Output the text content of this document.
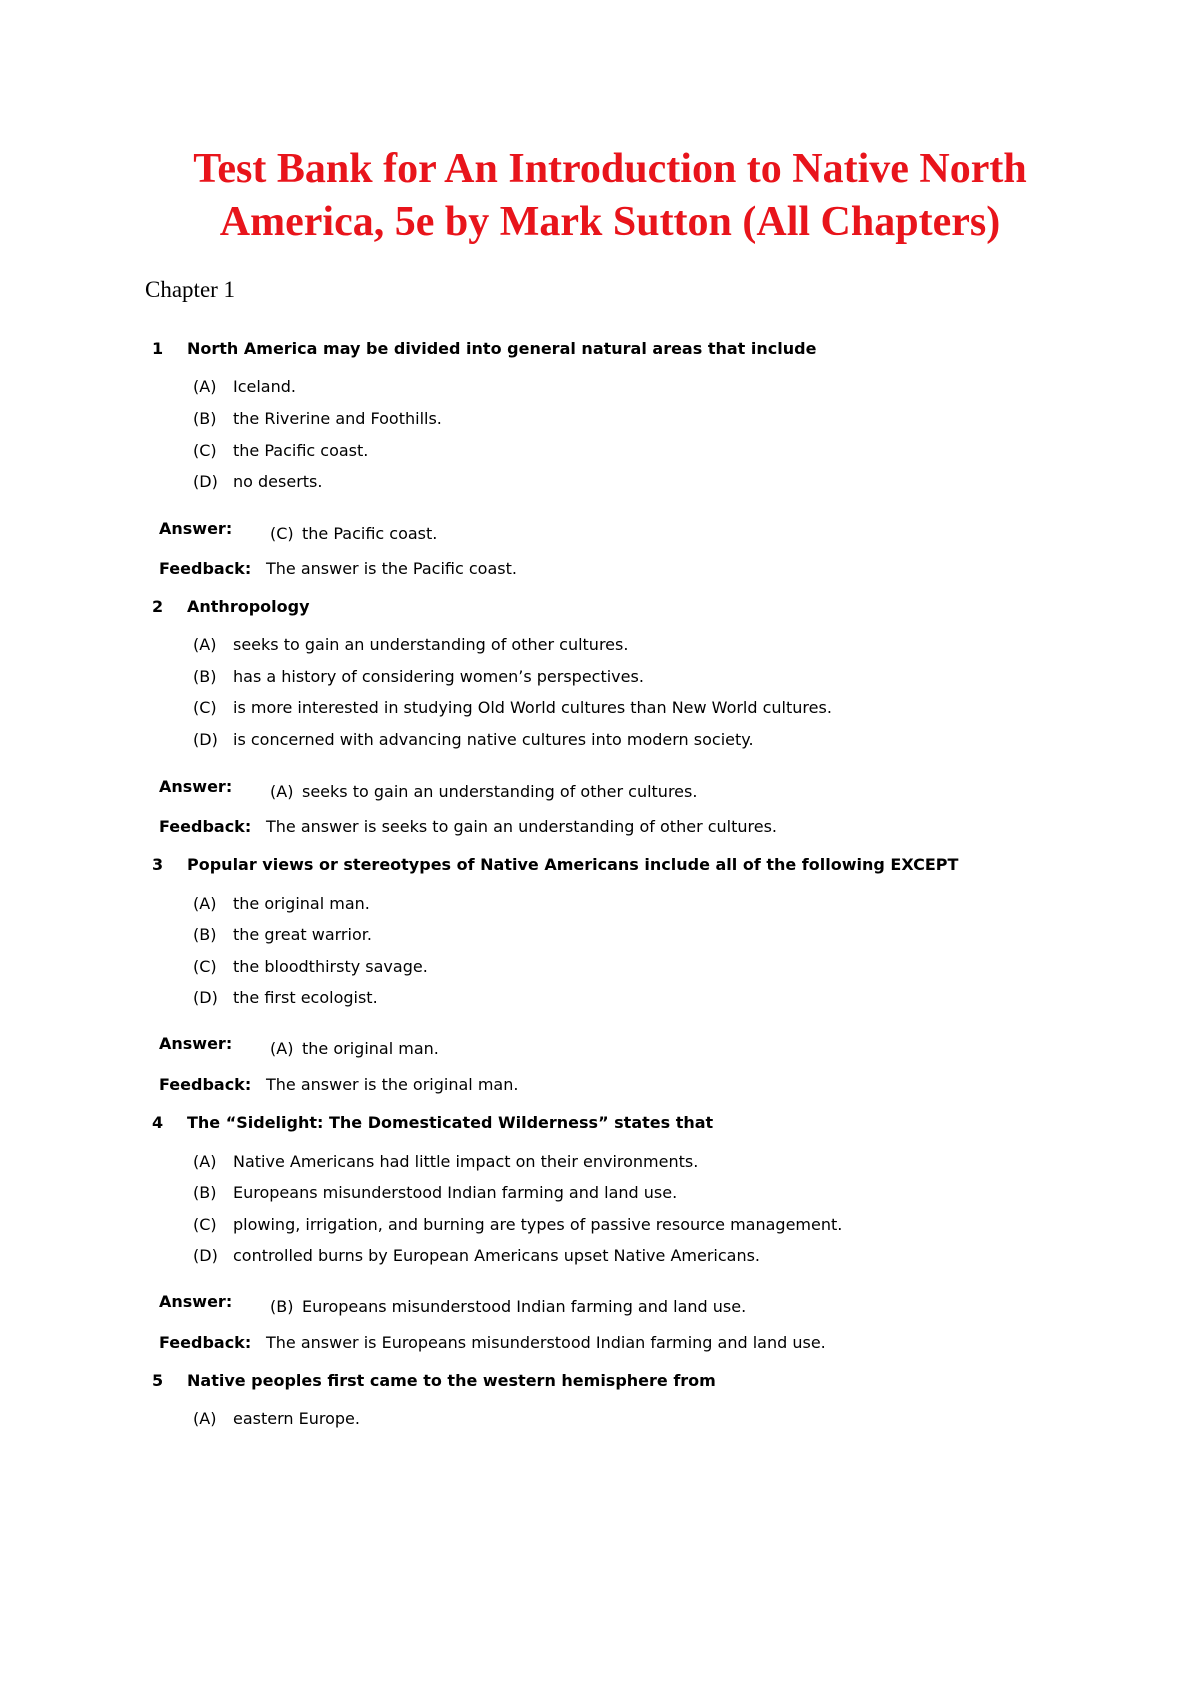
Test Bank for An Introduction to Native North America, 5e by Mark Sutton (All Chapters)
Chapter 1
1 North America may be divided into general natural areas that include
(A) Iceland.
(B) the Riverine and Foothills.
(C) the Pacific coast.
(D) no deserts.
Answer: (C) the Pacific coast.
Feedback: The answer is the Pacific coast.
2 Anthropology
(A) seeks to gain an understanding of other cultures.
(B) has a history of considering women’s perspectives.
(C) is more interested in studying Old World cultures than New World cultures.
(D) is concerned with advancing native cultures into modern society.
Answer: (A) seeks to gain an understanding of other cultures.
Feedback: The answer is seeks to gain an understanding of other cultures.
3 Popular views or stereotypes of Native Americans include all of the following EXCEPT
(A) the original man.
(B) the great warrior.
(C) the bloodthirsty savage.
(D) the first ecologist.
Answer: (A) the original man.
Feedback: The answer is the original man.
4 The “Sidelight: The Domesticated Wilderness” states that
(A) Native Americans had little impact on their environments.
(B) Europeans misunderstood Indian farming and land use.
(C) plowing, irrigation, and burning are types of passive resource management.
(D) controlled burns by European Americans upset Native Americans.
Answer: (B) Europeans misunderstood Indian farming and land use.
Feedback: The answer is Europeans misunderstood Indian farming and land use.
5 Native peoples first came to the western hemisphere from
(A) eastern Europe.
